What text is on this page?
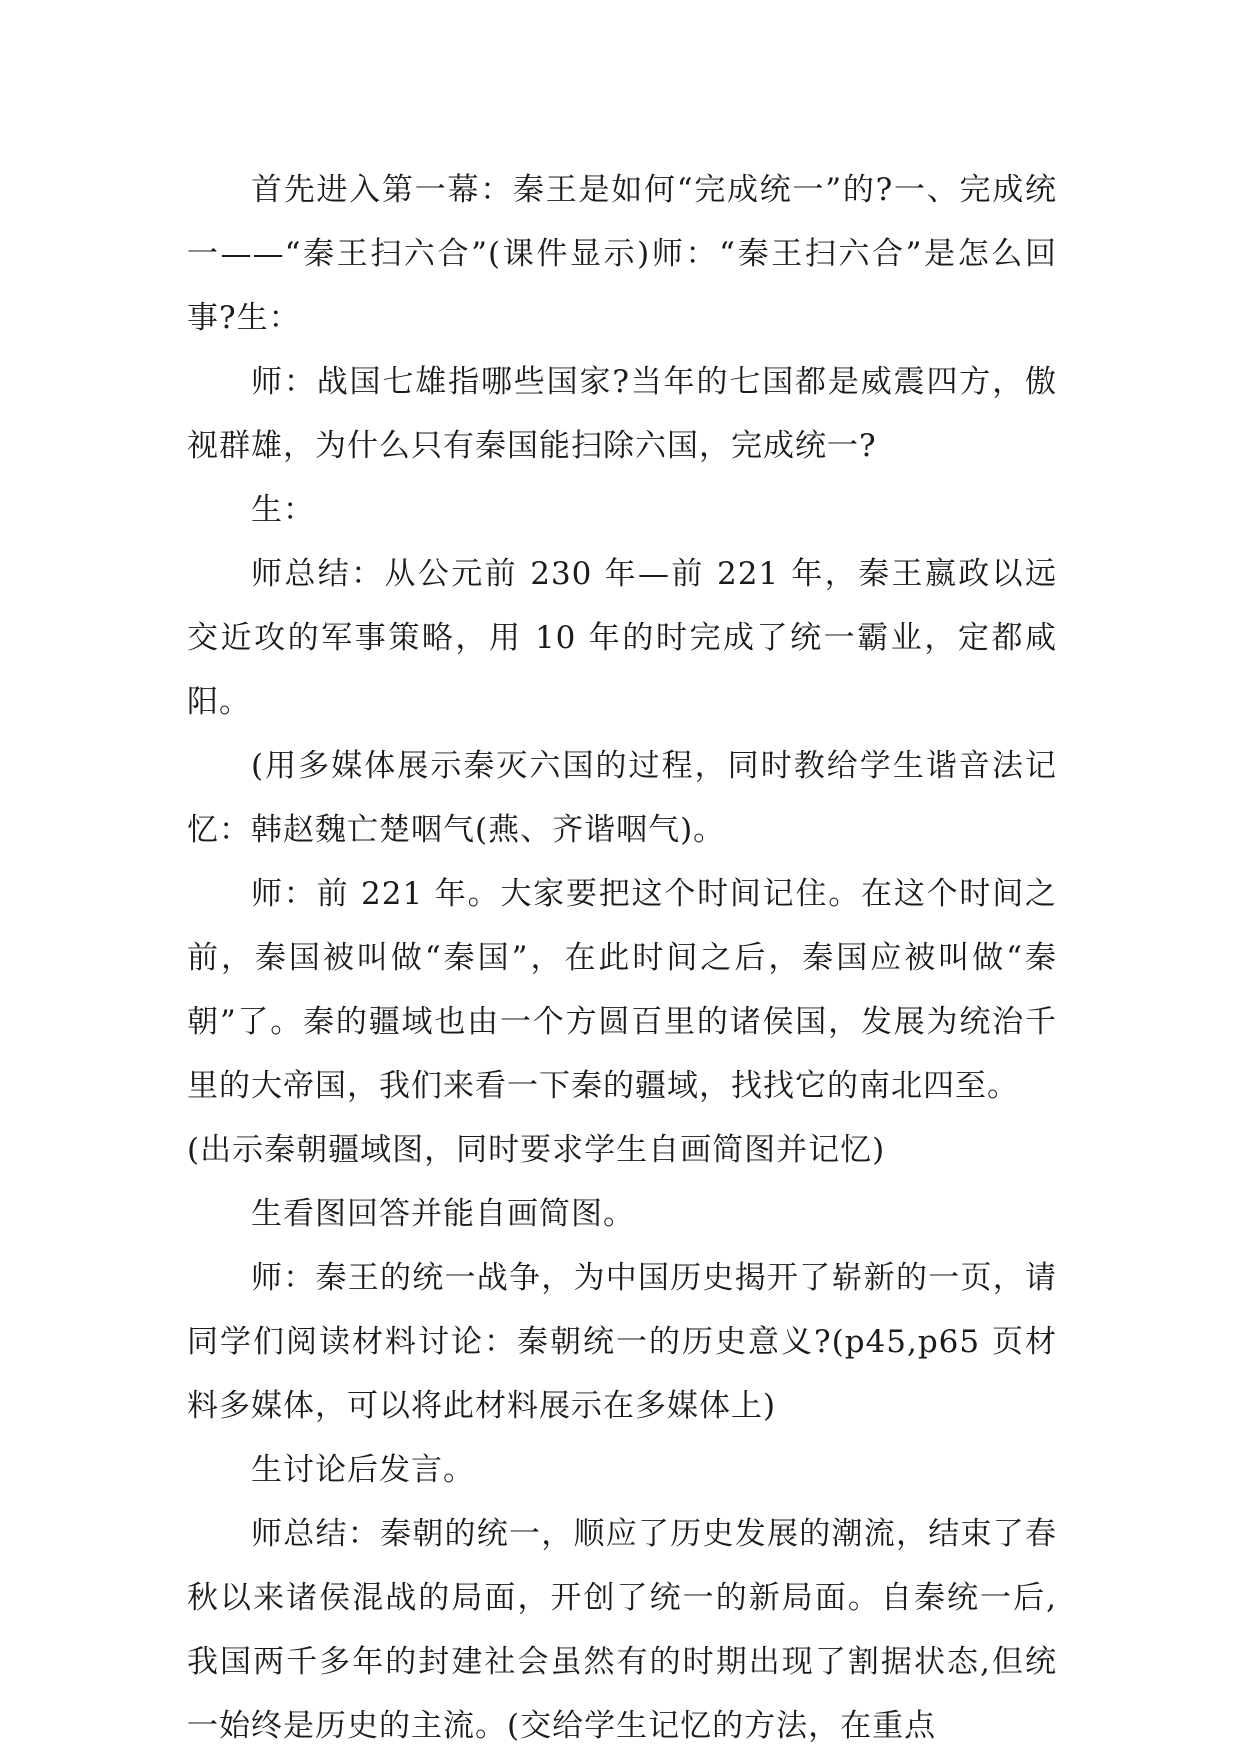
首先进入第一幕：秦王是如何“完成统一”的?一、完成统一——“秦王扫六合”(课件显示)师：“秦王扫六合”是怎么回事?生：

师：战国七雄指哪些国家?当年的七国都是威震四方，傲视群雄，为什么只有秦国能扫除六国，完成统一?

生：

师总结：从公元前 230 年—前 221 年，秦王嬴政以远交近攻的军事策略，用 10 年的时完成了统一霸业，定都咸阳。

(用多媒体展示秦灭六国的过程，同时教给学生谐音法记忆：韩赵魏亡楚咽气(燕、齐谐咽气)。

师：前 221 年。大家要把这个时间记住。在这个时间之前，秦国被叫做“秦国”，在此时间之后，秦国应被叫做“秦朝”了。秦的疆域也由一个方圆百里的诸侯国，发展为统治千里的大帝国，我们来看一下秦的疆域，找找它的南北四至。

(出示秦朝疆域图，同时要求学生自画简图并记忆)

生看图回答并能自画简图。

师：秦王的统一战争，为中国历史揭开了崭新的一页，请同学们阅读材料讨论：秦朝统一的历史意义?(p45,p65 页材料多媒体，可以将此材料展示在多媒体上)

生讨论后发言。

师总结：秦朝的统一，顺应了历史发展的潮流，结束了春秋以来诸侯混战的局面，开创了统一的新局面。自秦统一后,我国两千多年的封建社会虽然有的时期出现了割据状态,但统一始终是历史的主流。(交给学生记忆的方法，在重点
